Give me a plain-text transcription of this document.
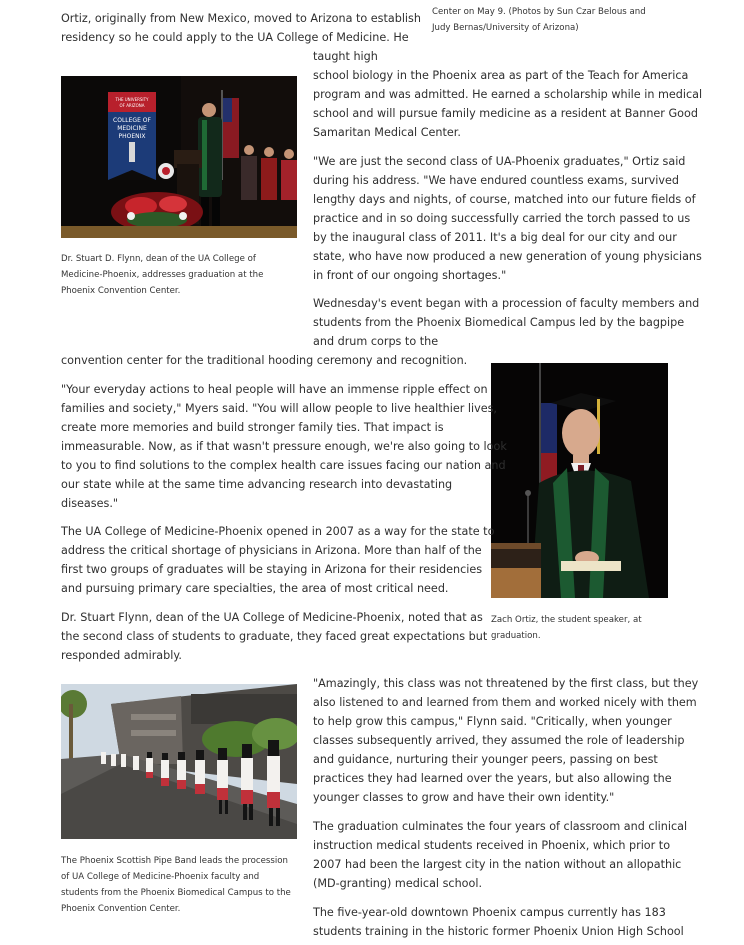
Center on May 9. (Photos by Sun Czar Belous and
Judy Bernas/University of Arizona)
Ortiz, originally from New Mexico, moved to Arizona to establish
residency so he could apply to the UA College of Medicine. He
taught high
THE UNIVERSITY
OF ARIZONA
COLLEGE OF
MEDICINE
PHOENIX
Dr. Stuart D. Flynn, dean of the UA College of
Medicine-Phoenix, addresses graduation at the
Phoenix Convention Center.
school biology in the Phoenix area as part of the Teach for America
program and was admitted. He earned a scholarship while in medical
school and will pursue family medicine as a resident at Banner Good
Samaritan Medical Center.
"We are just the second class of UA-Phoenix graduates," Ortiz said
during his address. "We have endured countless exams, survived
lengthy days and nights, of course, matched into our future fields of
practice and in so doing successfully carried the torch passed to us
by the inaugural class of 2011. It's a big deal for our city and our
state, who have now produced a new generation of young physicians
in front of our ongoing shortages."
Wednesday's event began with a procession of faculty members and
students from the Phoenix Biomedical Campus led by the bagpipe
and drum corps to the
convention center for the traditional hooding ceremony and recognition.
Zach Ortiz, the student speaker, at
graduation.
"Your everyday actions to heal people will have an immense ripple effect on
families and society," Myers said. "You will allow people to live healthier lives,
create more memories and build stronger family ties. That impact is
immeasurable. Now, as if that wasn't pressure enough, we're also going to look
to you to find solutions to the complex health care issues facing our nation and
our state while at the same time advancing research into devastating
diseases."
The UA College of Medicine-Phoenix opened in 2007 as a way for the state to
address the critical shortage of physicians in Arizona. More than half of the
first two groups of graduates will be staying in Arizona for their residencies
and pursuing primary care specialties, the area of most critical need.
Dr. Stuart Flynn, dean of the UA College of Medicine-Phoenix, noted that as
the second class of students to graduate, they faced great expectations but
responded admirably.
The Phoenix Scottish Pipe Band leads the procession
of UA College of Medicine-Phoenix faculty and
students from the Phoenix Biomedical Campus to the
Phoenix Convention Center.
"Amazingly, this class was not threatened by the first class, but they
also listened to and learned from them and worked nicely with them
to help grow this campus," Flynn said. "Critically, when younger
classes subsequently arrived, they assumed the role of leadership
and guidance, nurturing their younger peers, passing on best
practices they had learned over the years, but also allowing the
younger classes to grow and have their own identity."
The graduation culminates the four years of classroom and clinical
instruction medical students received in Phoenix, which prior to
2007 had been the largest city in the nation without an allopathic
(MD-granting) medical school.
The five-year-old downtown Phoenix campus currently has 183
students training in the historic former Phoenix Union High School
